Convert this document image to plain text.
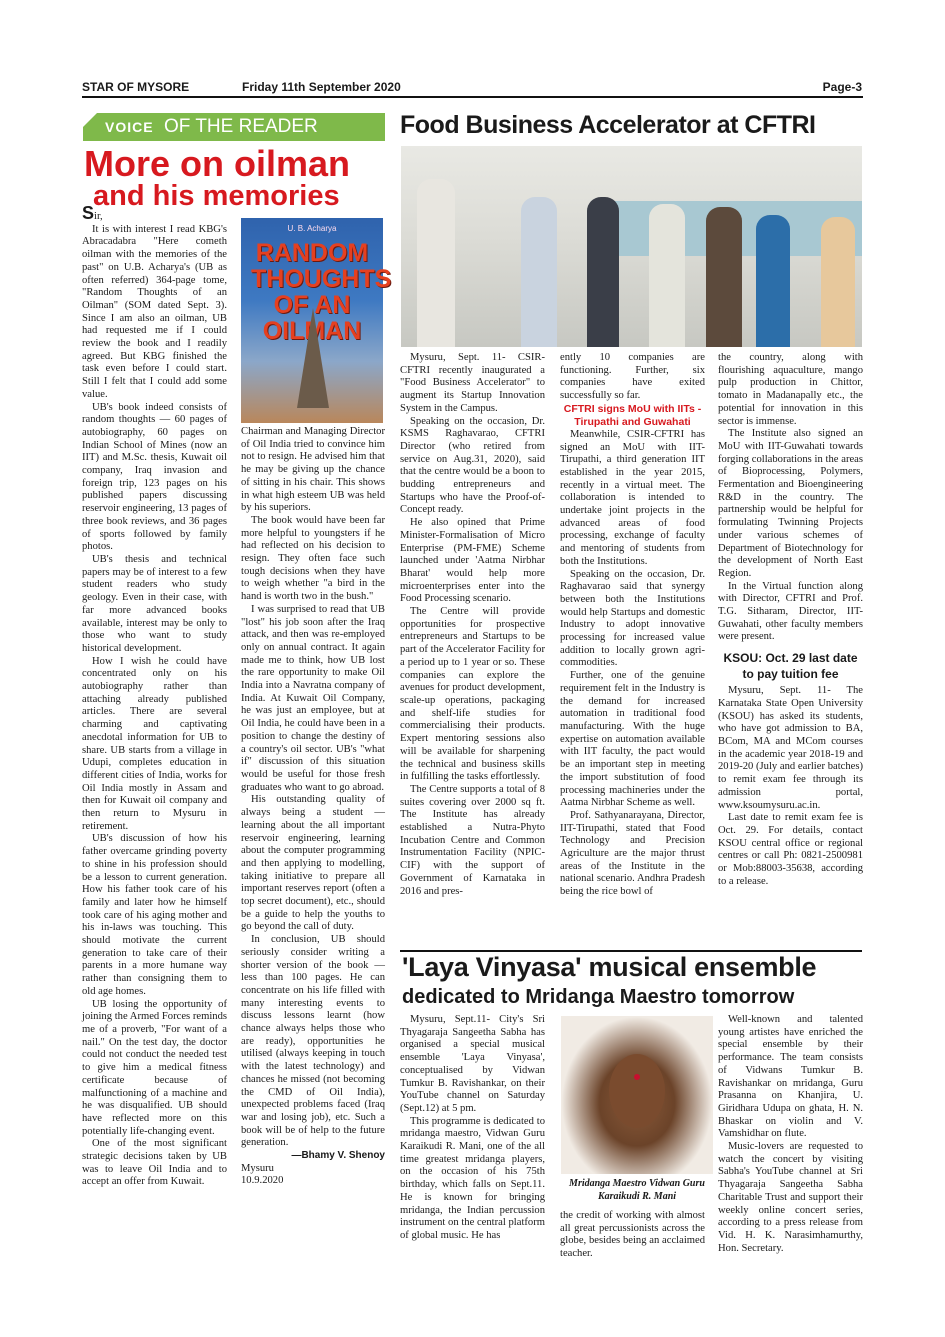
STAR OF MYSORE	Friday 11th September 2020	Page-3
VOICE OF THE READER
More on oilman
and his memories

Sir,

It is with interest I read KBG's Abracadabra "Here cometh oilman with the memories of the past" on U.B. Acharya's (UB as often referred) 364-page tome, "Random Thoughts of an Oilman" (SOM dated Sept. 3). Since I am also an oilman, UB had requested me if I could review the book and I readily agreed. But KBG finished the task even before I could start. Still I felt that I could add some value.

UB's book indeed consists of random thoughts — 60 pages of autobiography, 60 pages on Indian School of Mines (now an IIT) and M.Sc. thesis, Kuwait oil company, Iraq invasion and foreign trip, 123 pages on his published papers discussing reservoir engineering, 13 pages of three book reviews, and 36 pages of sports followed by family photos.

UB's thesis and technical papers may be of interest to a few student readers who study geology. Even in their case, with far more advanced books available, interest may be only to those who want to study historical development.

How I wish he could have concentrated only on his autobiography rather than attaching already published articles. There are several charming and captivating anecdotal information for UB to share. UB starts from a village in Udupi, completes education in different cities of India, works for Oil India mostly in Assam and then for Kuwait oil company and then return to Mysuru in retirement.

UB's discussion of how his father overcame grinding poverty to shine in his profession should be a lesson to current generation. How his father took care of his family and later how he himself took care of his aging mother and his in-laws was touching. This should motivate the current generation to take care of their parents in a more humane way rather than consigning them to old age homes.

UB losing the opportunity of joining the Armed Forces reminds me of a proverb, "For want of a nail." On the test day, the doctor could not conduct the needed test to give him a medical fitness certificate because of malfunctioning of a machine and he was disqualified. UB should have reflected more on this potentially life-changing event.

One of the most significant strategic decisions taken by UB was to leave Oil India and to accept an offer from Kuwait.

U. B. Acharya
RANDOM THOUGHTS OF AN OILMAN

Chairman and Managing Director of Oil India tried to convince him not to resign. He advised him that he may be giving up the chance of sitting in his chair. This shows in what high esteem UB was held by his superiors.

The book would have been far more helpful to youngsters if he had reflected on his decision to resign. They often face such tough decisions when they have to weigh whether "a bird in the hand is worth two in the bush."

I was surprised to read that UB "lost" his job soon after the Iraq attack, and then was re-employed only on annual contract. It again made me to think, how UB lost the rare opportunity to make Oil India into a Navratna company of India. At Kuwait Oil Company, he was just an employee, but at Oil India, he could have been in a position to change the destiny of a country's oil sector. UB's "what if" discussion of this situation would be useful for those fresh graduates who want to go abroad.

His outstanding quality of always being a student — learning about the all important reservoir engineering, learning about the computer programming and then applying to modelling, taking initiative to prepare all important reserves report (often a top secret document), etc., should be a guide to help the youths to go beyond the call of duty.

In conclusion, UB should seriously consider writing a shorter version of the book — less than 100 pages. He can concentrate on his life filled with many interesting events to discuss lessons learnt (how chance always helps those who are ready), opportunities he utilised (always keeping in touch with the latest technology) and chances he missed (not becoming the CMD of Oil India), unexpected problems faced (Iraq war and losing job), etc. Such a book will be of help to the future generation.

—Bhamy V. Shenoy

Mysuru

10.9.2020

Food Business Accelerator at CFTRI

Mysuru, Sept. 11- CSIR-CFTRI recently inaugurated a "Food Business Accelerator" to augment its Startup Innovation System in the Campus.

Speaking on the occasion, Dr. KSMS Raghavarao, CFTRI Director (who retired from service on Aug.31, 2020), said that the centre would be a boon to budding entrepreneurs and Startups who have the Proof-of-Concept ready.

He also opined that Prime Minister-Formalisation of Micro Enterprise (PM-FME) Scheme launched under 'Aatma Nirbhar Bharat' would help more microenterprises enter into the Food Processing scenario.

The Centre will provide opportunities for prospective entrepreneurs and Startups to be part of the Accelerator Facility for a period up to 1 year or so. These companies can explore the avenues for product development, scale-up operations, packaging and shelf-life studies for commercialising their products. Expert mentoring sessions also will be available for sharpening the technical and business skills in fulfilling the tasks effortlessly.

The Centre supports a total of 8 suites covering over 2000 sq ft. The Institute has already established a Nutra-Phyto Incubation Centre and Common Instrumentation Facility (NPIC-CIF) with the support of Government of Karnataka in 2016 and pres-

ently 10 companies are functioning. Further, six companies have exited successfully so far.

CFTRI signs MoU with IITs - Tirupathi and Guwahati

Meanwhile, CSIR-CFTRI has signed an MoU with IIT-Tirupathi, a third generation IIT established in the year 2015, recently in a virtual meet. The collaboration is intended to undertake joint projects in the advanced areas of food processing, exchange of faculty and mentoring of students from both the Institutions.

Speaking on the occasion, Dr. Raghavarao said that synergy between both the Institutions would help Startups and domestic Industry to adopt innovative processing for increased value addition to locally grown agri-commodities.

Further, one of the genuine requirement felt in the Industry is the demand for increased automation in traditional food manufacturing. With the huge expertise on automation available with IIT faculty, the pact would be an important step in meeting the import substitution of food processing machineries under the Aatma Nirbhar Scheme as well.

Prof. Sathyanarayana, Director, IIT-Tirupathi, stated that Food Technology and Precision Agriculture are the major thrust areas of the Institute in the national scenario. Andhra Pradesh being the rice bowl of

the country, along with flourishing aquaculture, mango pulp production in Chittor, tomato in Madanapally etc., the potential for innovation in this sector is immense.

The Institute also signed an MoU with IIT-Guwahati towards forging collaborations in the areas of Bioprocessing, Polymers, Fermentation and Bioengineering R&D in the country. The partnership would be helpful for formulating Twinning Projects under various schemes of Department of Biotechnology for the development of North East Region.

In the Virtual function along with Director, CFTRI and Prof. T.G. Sitharam, Director, IIT-Guwahati, other faculty members were present.

KSOU: Oct. 29 last date to pay tuition fee

Mysuru, Sept. 11- The Karnataka State Open University (KSOU) has asked its students, who have got admission to BA, BCom, MA and MCom courses in the academic year 2018-19 and 2019-20 (July and earlier batches) to remit exam fee through its admission portal, www.ksoumysuru.ac.in.

Last date to remit exam fee is Oct. 29. For details, contact KSOU central office or regional centres or call Ph: 0821-2500981 or Mob:88003-35638, according to a release.

'Laya Vinyasa' musical ensemble
dedicated to Mridanga Maestro tomorrow

Mysuru, Sept.11- City's Sri Thyagaraja Sangeetha Sabha has organised a special musical ensemble 'Laya Vinyasa', conceptualised by Vidwan Tumkur B. Ravishankar, on their YouTube channel on Saturday (Sept.12) at 5 pm.

This programme is dedicated to mridanga maestro, Vidwan Guru Karaikudi R. Mani, one of the all time greatest mridanga players, on the occasion of his 75th birthday, which falls on Sept.11. He is known for bringing mridanga, the Indian percussion instrument on the central platform of global music. He has

Mridanga Maestro Vidwan Guru Karaikudi R. Mani

the credit of working with almost all great percussionists across the globe, besides being an acclaimed teacher.

Well-known and talented young artistes have enriched the special ensemble by their performance. The team consists of Vidwans Tumkur B. Ravishankar on mridanga, Guru Prasanna on Khanjira, U. Giridhara Udupa on ghata, H. N. Bhaskar on violin and V. Vamshidhar on flute.

Music-lovers are requested to watch the concert by visiting Sabha's YouTube channel at Sri Thyagaraja Sangeetha Sabha Charitable Trust and support their weekly online concert series, according to a press release from Vid. H. K. Narasimhamurthy, Hon. Secretary.
